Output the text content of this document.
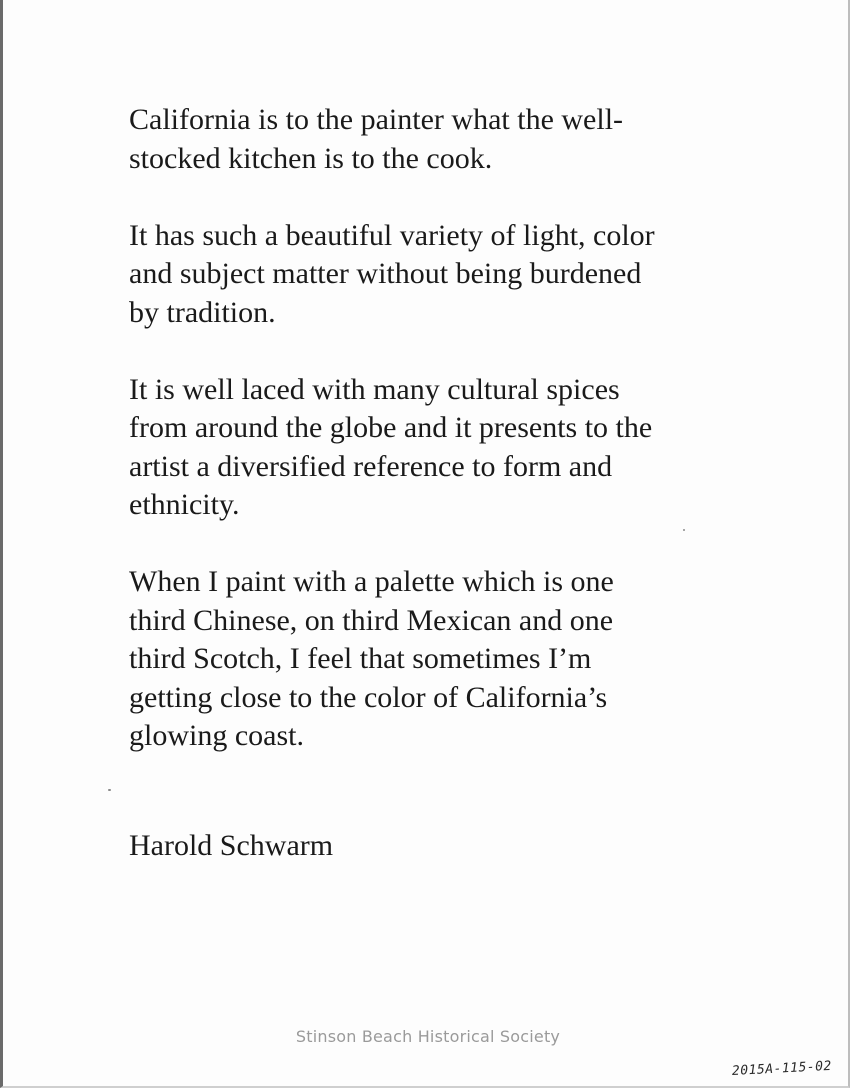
California is to the painter what the well-
stocked kitchen is to the cook.

It has such a beautiful variety of light, color
and subject matter without being burdened
by tradition.

It is well laced with many cultural spices
from around the globe and it presents to the
artist a diversified reference to form and
ethnicity.

When I paint with a palette which is one
third Chinese, on third Mexican and one
third Scotch, I feel that sometimes I’m
getting close to the color of California’s
glowing coast.

Harold Schwarm
Stinson Beach Historical Society
2015A-115-02
